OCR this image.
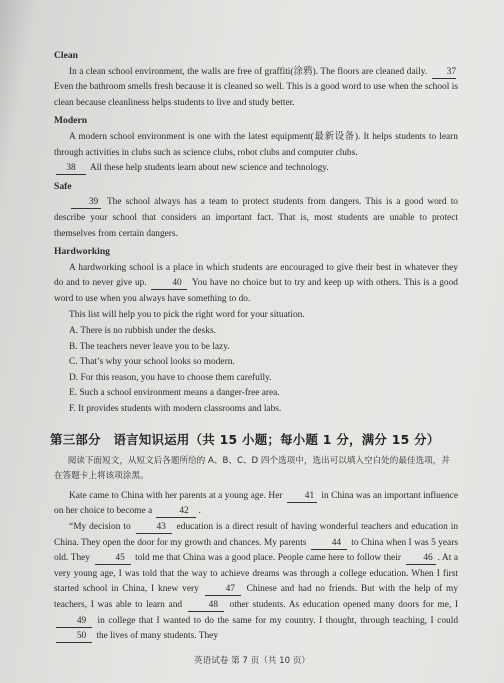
Clean

In a clean school environment, the walls are free of graffiti(涂鸦). The floors are cleaned daily. 37 Even the bathroom smells fresh because it is cleaned so well. This is a good word to use when the school is clean because cleanliness helps students to live and study better.

Modern

A modern school environment is one with the latest equipment(最新设备). It helps students to learn through activities in clubs such as science clubs, robot clubs and computer clubs.

38 All these help students learn about new science and technology.

Safe

39 The school always has a team to protect students from dangers. This is a good word to describe your school that considers an important fact. That is, most students are unable to protect themselves from certain dangers.

Hardworking

A hardworking school is a place in which students are encouraged to give their best in whatever they do and to never give up.	40 You have no choice but to try and keep up with others. This is a good word to use when you always have something to do.

This list will help you to pick the right word for your situation.

A. There is no rubbish under the desks.
B. The teachers never leave you to be lazy.
C. That’s why your school looks so modern.
D. For this reason, you have to choose them carefully.
E. Such a school environment means a danger-free area.
F. It provides students with modern classrooms and labs.
第三部分　语言知识运用（共 15 小题；每小题 1 分，满分 15 分）

阅读下面短文，从短文后各题所给的 A、B、C、D 四个选项中，选出可以填入空白处的最佳选项，并在答题卡上将该项涂黑。

Kate came to China with her parents at a young age. Her 41 in China was an important influence on her choice to become a	42 .

“My decision to	43 education is a direct result of having wonderful teachers and education in China. They open the door for my growth and chances. My parents	44 to China when I was 5 years old. They	45 told me that China was a good place. People came here to follow their 46 . At a very young age, I was told that the way to achieve dreams was through a college education. When I first started school in China, I knew very	47 Chinese and had no friends. But with the help of my teachers, I was able to learn and	48 other students. As education opened many doors for me, I 49 in college that I wanted to do the same for my country. I thought, through teaching, I could 50 the lives of many students. They

英语试卷 第 7 页（共 10 页）
